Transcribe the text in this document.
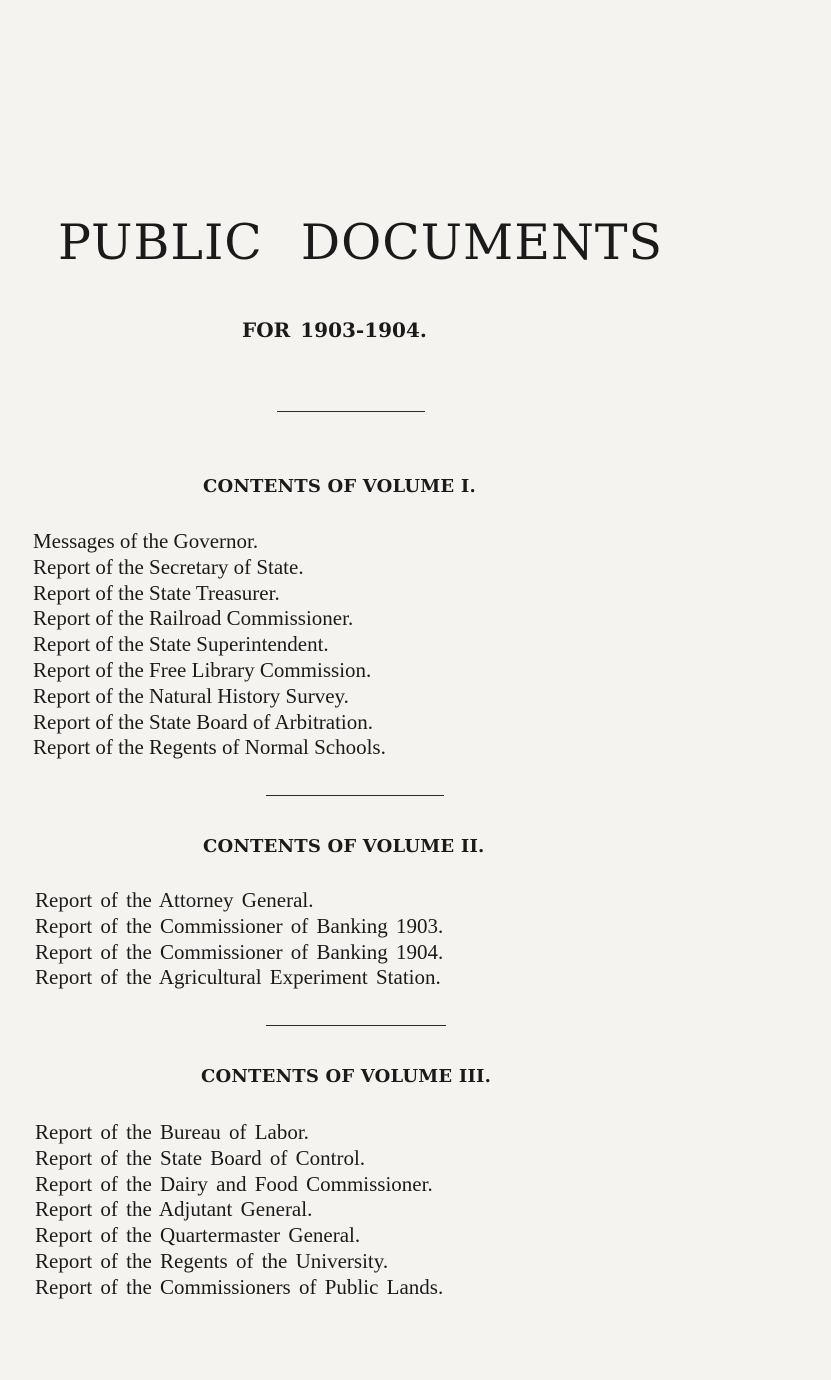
PUBLIC DOCUMENTS

FOR 1903-1904.

CONTENTS OF VOLUME I.
Messages of the Governor.
Report of the Secretary of State.
Report of the State Treasurer.
Report of the Railroad Commissioner.
Report of the State Superintendent.
Report of the Free Library Commission.
Report of the Natural History Survey.
Report of the State Board of Arbitration.
Report of the Regents of Normal Schools.
CONTENTS OF VOLUME II.
Report of the Attorney General.
Report of the Commissioner of Banking 1903.
Report of the Commissioner of Banking 1904.
Report of the Agricultural Experiment Station.
CONTENTS OF VOLUME III.
Report of the Bureau of Labor.
Report of the State Board of Control.
Report of the Dairy and Food Commissioner.
Report of the Adjutant General.
Report of the Quartermaster General.
Report of the Regents of the University.
Report of the Commissioners of Public Lands.
